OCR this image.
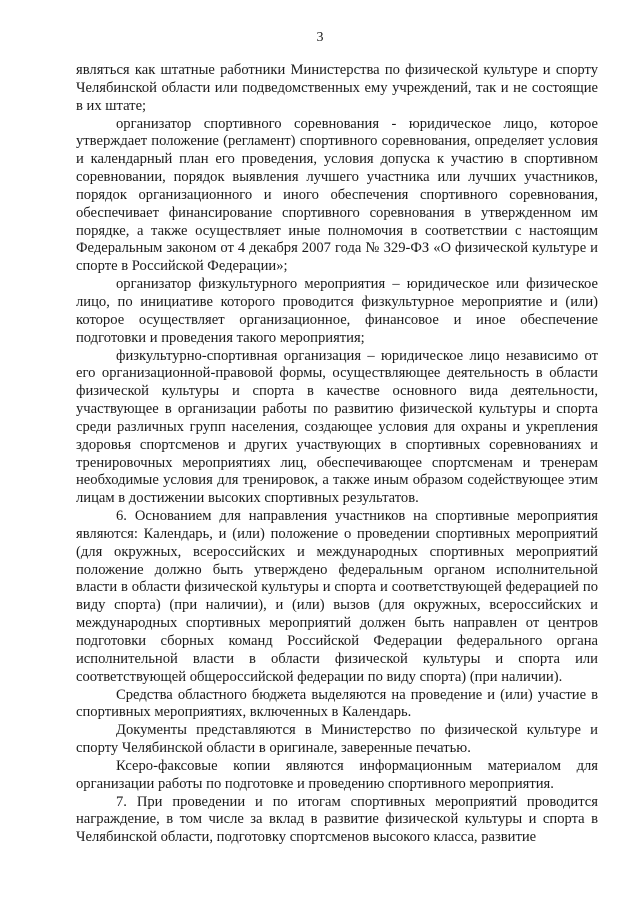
3

являться как штатные работники Министерства по физической культуре и спорту Челябинской области или подведомственных ему учреждений, так и не состоящие в их штате;

организатор спортивного соревнования - юридическое лицо, которое утверждает положение (регламент) спортивного соревнования, определяет условия и календарный план его проведения, условия допуска к участию в спортивном соревновании, порядок выявления лучшего участника или лучших участников, порядок организационного и иного обеспечения спортивного соревнования, обеспечивает финансирование спортивного соревнования в утвержденном им порядке, а также осуществляет иные полномочия в соответствии с настоящим Федеральным законом от 4 декабря 2007 года № 329-ФЗ «О физической культуре и спорте в Российской Федерации»;

организатор физкультурного мероприятия – юридическое или физическое лицо, по инициативе которого проводится физкультурное мероприятие и (или) которое осуществляет организационное, финансовое и иное обеспечение подготовки и проведения такого мероприятия;

физкультурно-спортивная организация – юридическое лицо независимо от его организационной-правовой формы, осуществляющее деятельность в области физической культуры и спорта в качестве основного вида деятельности, участвующее в организации работы по развитию физической культуры и спорта среди различных групп населения, создающее условия для охраны и укрепления здоровья спортсменов и других участвующих в спортивных соревнованиях и тренировочных мероприятиях лиц, обеспечивающее спортсменам и тренерам необходимые условия для тренировок, а также иным образом содействующее этим лицам в достижении высоких спортивных результатов.

6. Основанием для направления участников на спортивные мероприятия являются: Календарь, и (или) положение о проведении спортивных мероприятий (для окружных, всероссийских и международных спортивных мероприятий положение должно быть утверждено федеральным органом исполнительной власти в области физической культуры и спорта и соответствующей федерацией по виду спорта) (при наличии), и (или) вызов (для окружных, всероссийских и международных спортивных мероприятий должен быть направлен от центров подготовки сборных команд Российской Федерации федерального органа исполнительной власти в области физической культуры и спорта или соответствующей общероссийской федерации по виду спорта) (при наличии).

Средства областного бюджета выделяются на проведение и (или) участие в спортивных мероприятиях, включенных в Календарь.

Документы представляются в Министерство по физической культуре и спорту Челябинской области в оригинале, заверенные печатью.

Ксеро-факсовые копии являются информационным материалом для организации работы по подготовке и проведению спортивного мероприятия.

7. При проведении и по итогам спортивных мероприятий проводится награждение, в том числе за вклад в развитие физической культуры и спорта в Челябинской области, подготовку спортсменов высокого класса, развитие
